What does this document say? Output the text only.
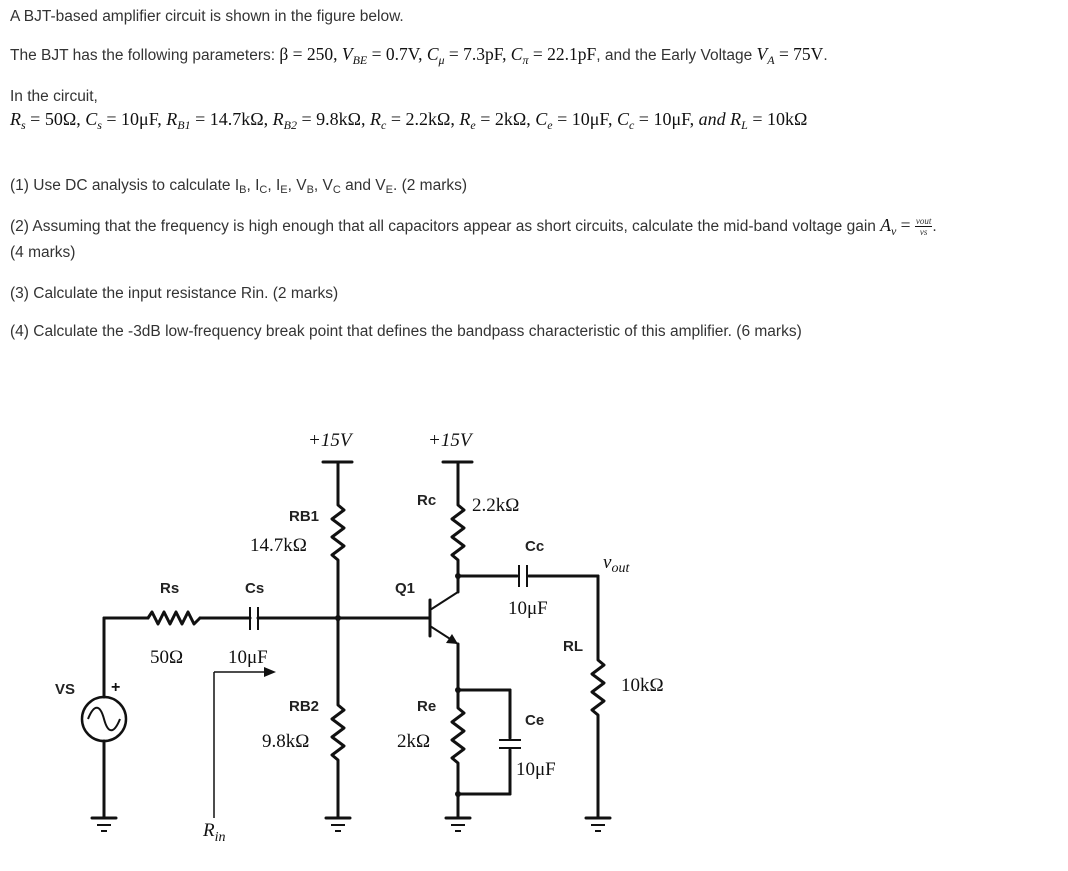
A BJT-based amplifier circuit is shown in the figure below.
The BJT has the following parameters: β = 250, $V_{BE} = 0.7V$, $C_\mu = 7.3pF$, $C_\pi = 22.1pF$, and the Early Voltage $V_A = 75V$.
In the circuit,
$R_s = 50\Omega$, $C_s = 10\mu F$, $R_{B1} = 14.7k\Omega$, $R_{B2} = 9.8k\Omega$, $R_c = 2.2k\Omega$, $R_e = 2k\Omega$, $C_e = 10\mu F$, $C_c = 10\mu F$, and $R_L = 10k\Omega$
(1) Use DC analysis to calculate IB, IC, IE, VB, VC and VE. (2 marks)
(2) Assuming that the frequency is high enough that all capacitors appear as short circuits, calculate the mid-band voltage gain $A_v = \frac{\text{vout}}{vs}$ .
(4 marks)
(3) Calculate the input resistance Rin. (2 marks)
(4) Calculate the -3dB low-frequency break point that defines the bandpass characteristic of this amplifier. (6 marks)
+15V	+15V
RB1
14.7kΩ
RB2
9.8kΩ
Rs
50Ω
Cs
10μF
Q1
Rc 2.2kΩ
Cc
10μF
$v_{out}$
RL
10kΩ
Re
2kΩ
Ce
10μF
VS +
$R_{in}$
